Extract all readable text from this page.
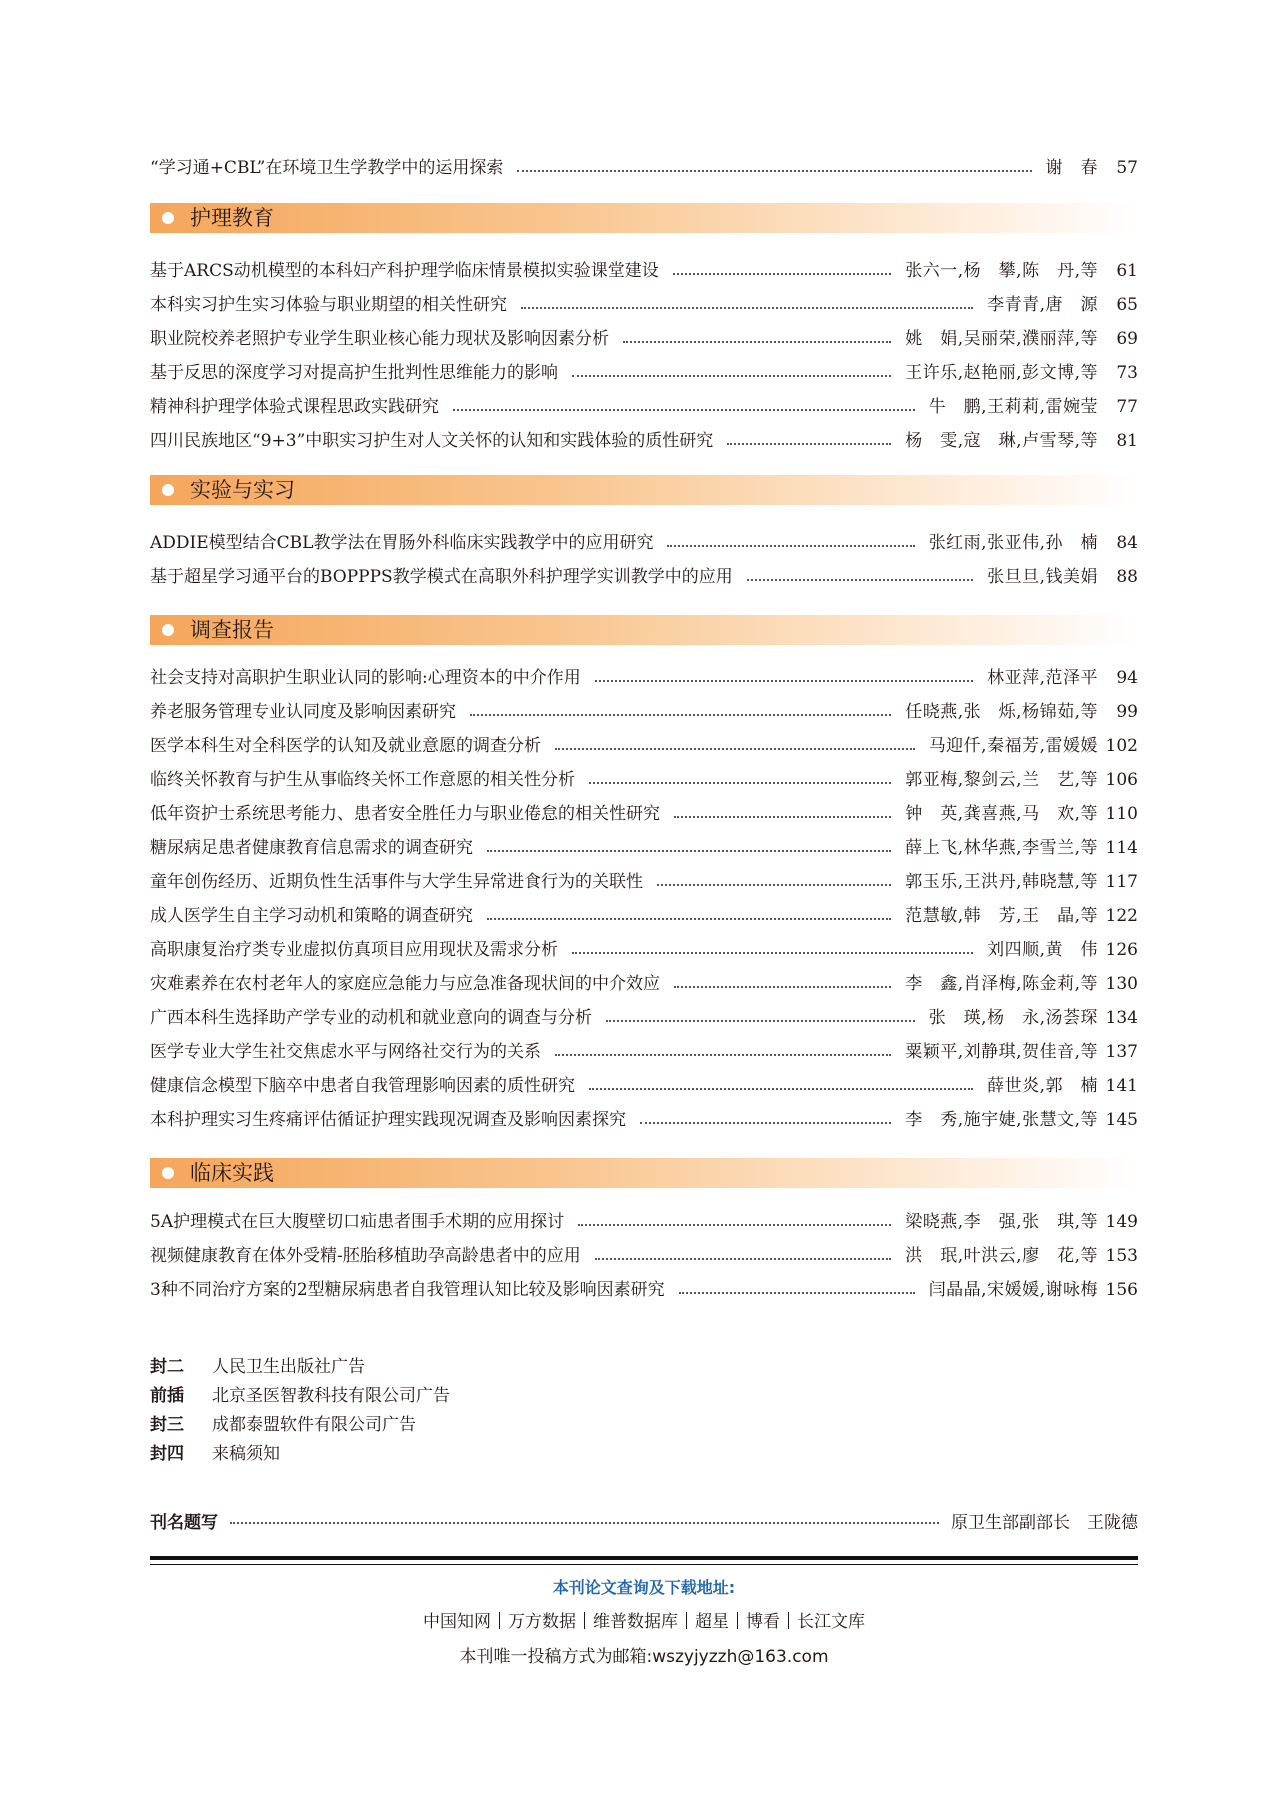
“学习通+CBL”在环境卫生学教学中的运用探索	谢　春	57
护理教育
基于ARCS动机模型的本科妇产科护理学临床情景模拟实验课堂建设	张六一,杨　攀,陈　丹,等	61
本科实习护生实习体验与职业期望的相关性研究	李青青,唐　源	65
职业院校养老照护专业学生职业核心能力现状及影响因素分析	姚　娟,吴丽荣,濮丽萍,等	69
基于反思的深度学习对提高护生批判性思维能力的影响	王许乐,赵艳丽,彭文博,等	73
精神科护理学体验式课程思政实践研究	牛　鹏,王莉莉,雷婉莹	77
四川民族地区“9+3”中职实习护生对人文关怀的认知和实践体验的质性研究	杨　雯,寇　琳,卢雪琴,等	81
实验与实习
ADDIE模型结合CBL教学法在胃肠外科临床实践教学中的应用研究	张红雨,张亚伟,孙　楠	84
基于超星学习通平台的BOPPPS教学模式在高职外科护理学实训教学中的应用	张旦旦,钱美娟	88
调查报告
社会支持对高职护生职业认同的影响:心理资本的中介作用	林亚萍,范泽平	94
养老服务管理专业认同度及影响因素研究	任晓燕,张　烁,杨锦茹,等	99
医学本科生对全科医学的认知及就业意愿的调查分析	马迎仟,秦福芳,雷媛媛 102
临终关怀教育与护生从事临终关怀工作意愿的相关性分析	郭亚梅,黎剑云,兰　艺,等 106
低年资护士系统思考能力、患者安全胜任力与职业倦怠的相关性研究	钟　英,龚喜燕,马　欢,等 110
糖尿病足患者健康教育信息需求的调查研究	薛上飞,林华燕,李雪兰,等 114
童年创伤经历、近期负性生活事件与大学生异常进食行为的关联性	郭玉乐,王洪丹,韩晓慧,等 117
成人医学生自主学习动机和策略的调查研究	范慧敏,韩　芳,王　晶,等 122
高职康复治疗类专业虚拟仿真项目应用现状及需求分析	刘四顺,黄　伟 126
灾难素养在农村老年人的家庭应急能力与应急准备现状间的中介效应	李　鑫,肖泽梅,陈金莉,等 130
广西本科生选择助产学专业的动机和就业意向的调查与分析	张　瑛,杨　永,汤荟琛 134
医学专业大学生社交焦虑水平与网络社交行为的关系	粟颖平,刘静琪,贺佳音,等 137
健康信念模型下脑卒中患者自我管理影响因素的质性研究	薛世炎,郭　楠 141
本科护理实习生疼痛评估循证护理实践现况调查及影响因素探究	李　秀,施宇婕,张慧文,等 145
临床实践
5A护理模式在巨大腹壁切口疝患者围手术期的应用探讨	梁晓燕,李　强,张　琪,等 149
视频健康教育在体外受精-胚胎移植助孕高龄患者中的应用	洪　珉,叶洪云,廖　花,等 153
3种不同治疗方案的2型糖尿病患者自我管理认知比较及影响因素研究	闫晶晶,宋媛媛,谢咏梅 156
封二	人民卫生出版社广告
前插	北京圣医智教科技有限公司广告
封三	成都泰盟软件有限公司广告
封四	来稿须知
刊名题写	原卫生部副部长　王陇德
本刊论文查询及下载地址:
中国知网 万方数据 维普数据库 超星 博看 长江文库
本刊唯一投稿方式为邮箱:wszyjyzzh@163.com
